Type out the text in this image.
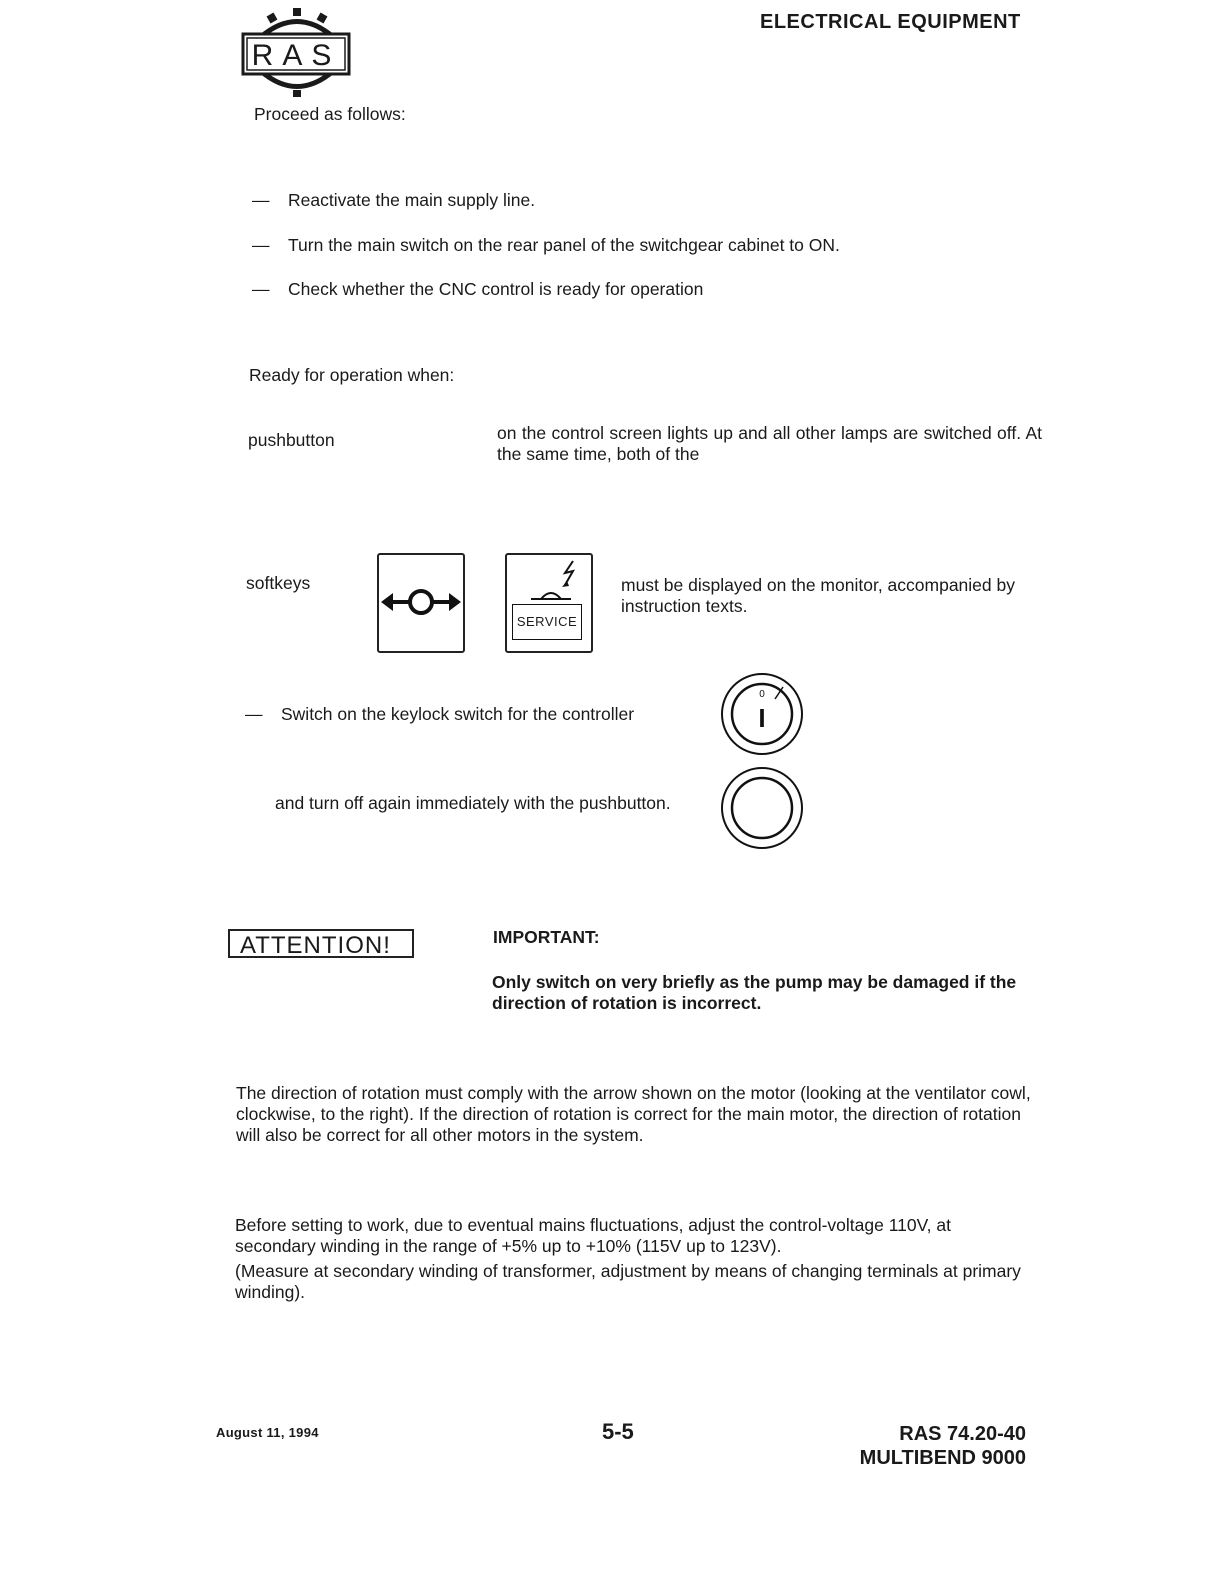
RAS
ELECTRICAL EQUIPMENT
Proceed as follows:
— Reactivate the main supply line.
— Turn the main switch on the rear panel of the switchgear cabinet to ON.
— Check whether the CNC control is ready for operation
Ready for operation when:
pushbutton	on the control screen lights up and all other lamps are switched off. At the same time, both of the
softkeys
SERVICE
must be displayed on the monitor, accompanied by instruction texts.
— Switch on the keylock switch for the controller
0
I
and turn off again immediately with the pushbutton.
ATTENTION!	IMPORTANT:
Only switch on very briefly as the pump may be damaged if the direction of rotation is incorrect.
The direction of rotation must comply with the arrow shown on the motor (looking at the ventilator cowl, clockwise, to the right). If the direction of rotation is correct for the main motor, the direction of rotation will also be correct for all other motors in the system.
Before setting to work, due to eventual mains fluctuations, adjust the control-voltage 110V, at secondary winding in the range of +5% up to +10% (115V up to 123V).
(Measure at secondary winding of transformer, adjustment by means of changing terminals at primary winding).
August 11, 1994	5-5	RAS 74.20-40
MULTIBEND 9000
